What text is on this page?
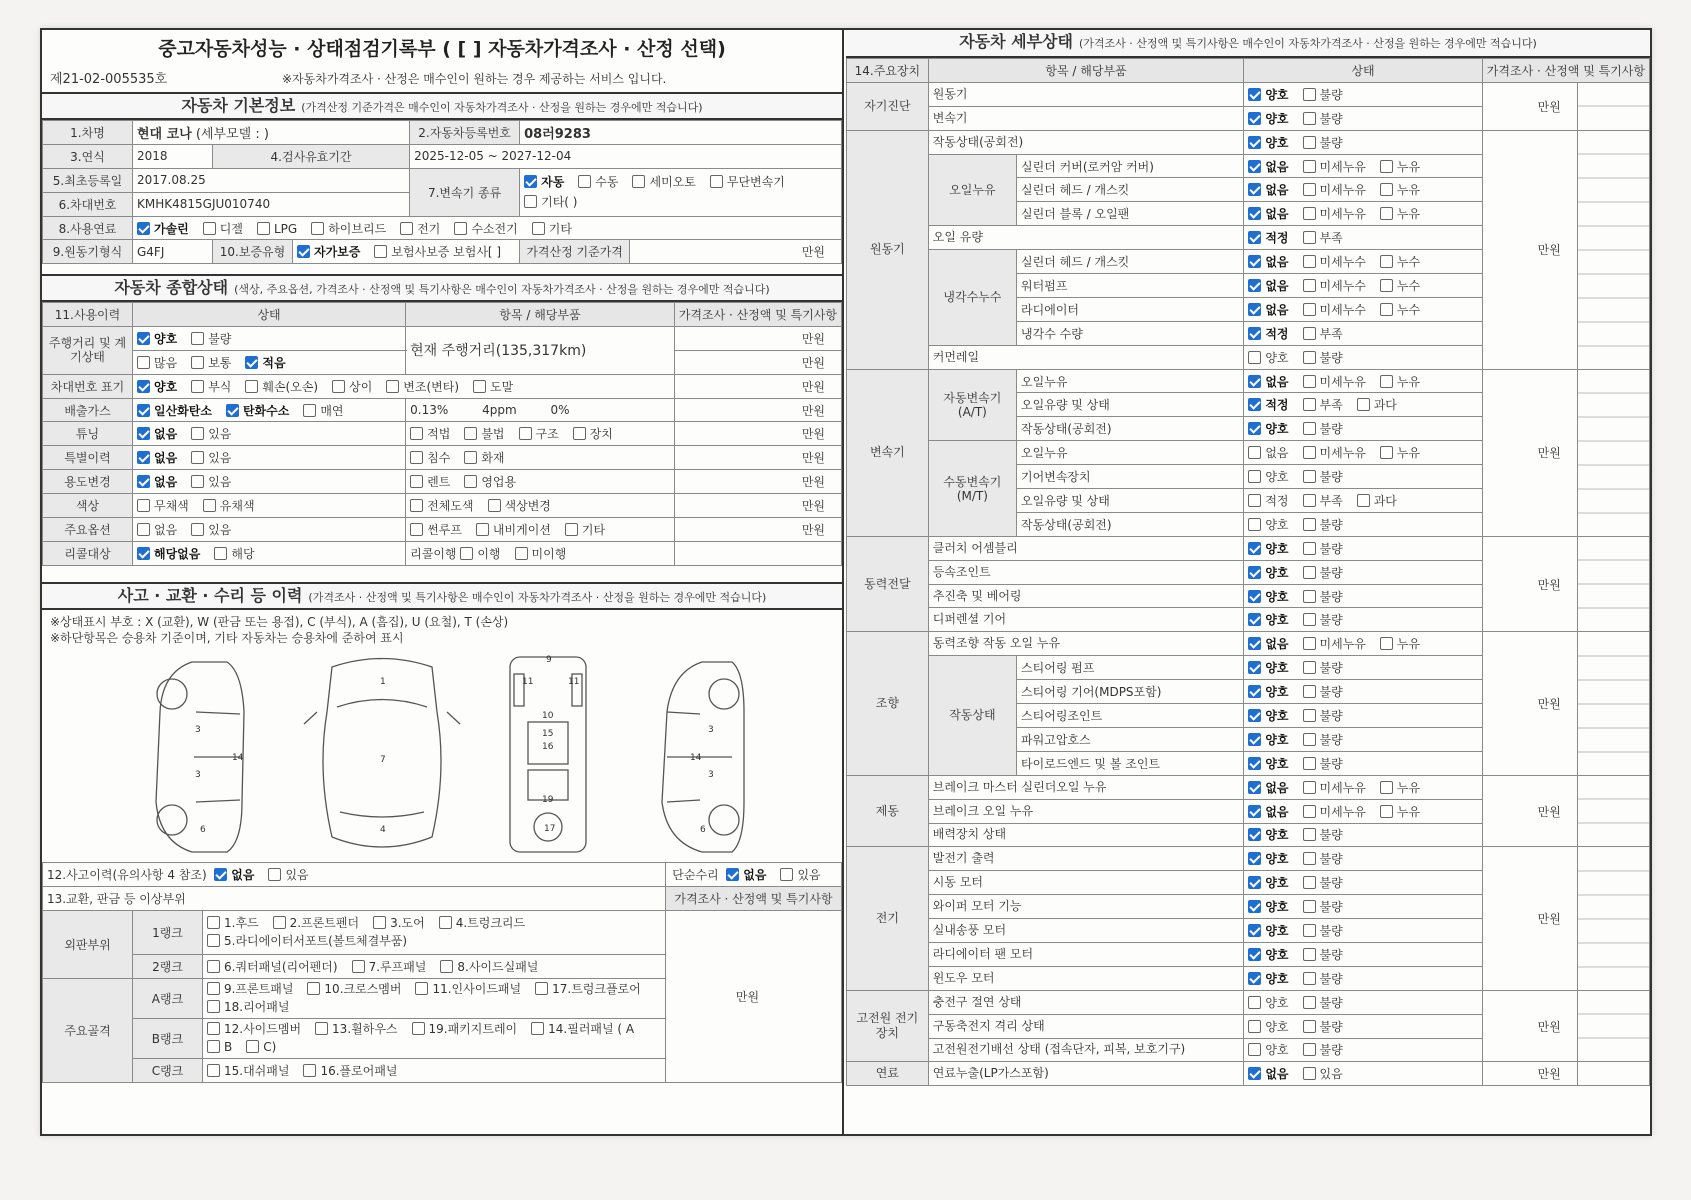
중고자동차성능 · 상태점검기록부 ( [ ] 자동차가격조사 · 산정 선택)
제21-02-005535호	※자동차가격조사 · 산정은 매수인이 원하는 경우 제공하는 서비스 입니다.
자동차 기본정보 (가격산정 기준가격은 매수인이 자동차가격조사 · 산정을 원하는 경우에만 적습니다)
1.차명	현대 코나 (세부모델 : )			2.자동차등록번호	08러9283	
3.연식	2018	4.검사유효기간		2025-12-05 ~ 2027-12-04		
5.최초등록일	2017.08.25			7.변속기 종류	자동 수동 세미오토 무단변속기기타( )	
6.차대번호	KMHK4815GJU010740					
8.사용연료	가솔린 디젤 LPG 하이브리드 전기 수소전기 기타					
9.원동기형식	G4FJ	10.보증유형	자가보증 보험사보증 보험사[ ]		가격산정 기준가격	만원
자동차 종합상태 (색상, 주요옵션, 가격조사 · 산정액 및 특기사항은 매수인이 자동차가격조사 · 산정을 원하는 경우에만 적습니다)
11.사용이력	상태	항목 / 해당부품	가격조사 · 산정액 및 특기사항
주행거리 및 계기상태	양호 불량	현재 주행거리(135,317km)	만원
	많음 보통 적음		만원
차대번호 표기	양호 부식 훼손(오손) 상이 변조(변타) 도말		만원
배출가스	일산화탄소 탄화수소 매연	0.13% 4ppm 0%	만원
튜닝	없음 있음	적법 불법 구조 장치	만원
특별이력	없음 있음	침수 화재	만원
용도변경	없음 있음	렌트 영업용	만원
색상	무채색 유채색	전체도색 색상변경	만원
주요옵션	없음 있음	썬루프 내비게이션 기타	만원
리콜대상	해당없음 해당	리콜이행 이행 미이행	
사고 · 교환 · 수리 등 이력 (가격조사 · 산정액 및 특기사항은 매수인이 자동차가격조사 · 산정을 원하는 경우에만 적습니다)
※상태표시 부호 : X (교환), W (판금 또는 용접), C (부식), A (흠집), U (요철), T (손상)
※하단항목은 승용차 기준이며, 기타 자동차는 승용차에 준하여 표시
3
3
6
14
1
7
4
9
11	11
10
15
16
19
17
3
3
14
6
12.사고이력(유의사항 4 참조)  없음 있음			단순수리  없음 있음
13.교환, 판금 등 이상부위			가격조사 · 산정액 및 특기사항
외판부위	1랭크	1.후드 2.프론트펜더 3.도어 4.트렁크리드5.라디에이터서포트(볼트체결부품)	만원
	2랭크	6.쿼터패널(리어펜더) 7.루프패널 8.사이드실패널	
주요골격	A랭크	9.프론트패널 10.크로스멤버 11.인사이드패널 17.트렁크플로어18.리어패널	
	B랭크	12.사이드멤버 13.휠하우스 19.패키지트레이 14.필러패널 ( AB C)	
	C랭크	15.대쉬패널 16.플로어패널	
자동차 세부상태 (가격조사 · 산정액 및 특기사항은 매수인이 자동차가격조사 · 산정을 원하는 경우에만 적습니다)
14.주요장치	항목 / 해당부품		상태	가격조사 · 산정액 및 특기사항	
자기진단	원동기		양호 불량	만원	
	변속기		양호 불량		
원동기	작동상태(공회전)		양호 불량	만원	
	오일누유	실린더 커버(로커암 커버)	없음 미세누유 누유		
		실린더 헤드 / 개스킷	없음 미세누유 누유		
		실린더 블록 / 오일팬	없음 미세누유 누유		
	오일 유량		적정 부족		
	냉각수누수	실린더 헤드 / 개스킷	없음 미세누수 누수		
		워터펌프	없음 미세누수 누수		
		라디에이터	없음 미세누수 누수		
		냉각수 수량	적정 부족		
	커먼레일		양호 불량		
변속기	자동변속기 (A/T)	오일누유	없음 미세누유 누유	만원	
		오일유량 및 상태	적정 부족 과다		
		작동상태(공회전)	양호 불량		
	수동변속기 (M/T)	오일누유	없음 미세누유 누유		
		기어변속장치	양호 불량		
		오일유량 및 상태	적정 부족 과다		
		작동상태(공회전)	양호 불량		
동력전달	클러치 어셈블리		양호 불량	만원	
	등속조인트		양호 불량		
	추진축 및 베어링		양호 불량		
	디퍼렌셜 기어		양호 불량		
조향	동력조향 작동 오일 누유		없음 미세누유 누유	만원	
	작동상태	스티어링 펌프	양호 불량		
		스티어링 기어(MDPS포함)	양호 불량		
		스티어링조인트	양호 불량		
		파워고압호스	양호 불량		
		타이로드엔드 및 볼 조인트	양호 불량		
제동	브레이크 마스터 실린더오일 누유		없음 미세누유 누유	만원	
	브레이크 오일 누유		없음 미세누유 누유		
	배력장치 상태		양호 불량		
전기	발전기 출력		양호 불량	만원	
	시동 모터		양호 불량		
	와이퍼 모터 기능		양호 불량		
	실내송풍 모터		양호 불량		
	라디에이터 팬 모터		양호 불량		
	윈도우 모터		양호 불량		
고전원 전기장치	충전구 절연 상태		양호 불량	만원	
	구동축전지 격리 상태		양호 불량		
	고전원전기배선 상태 (접속단자, 피복, 보호기구)		양호 불량		
연료	연료누출(LP가스포함)		없음 있음	만원	
